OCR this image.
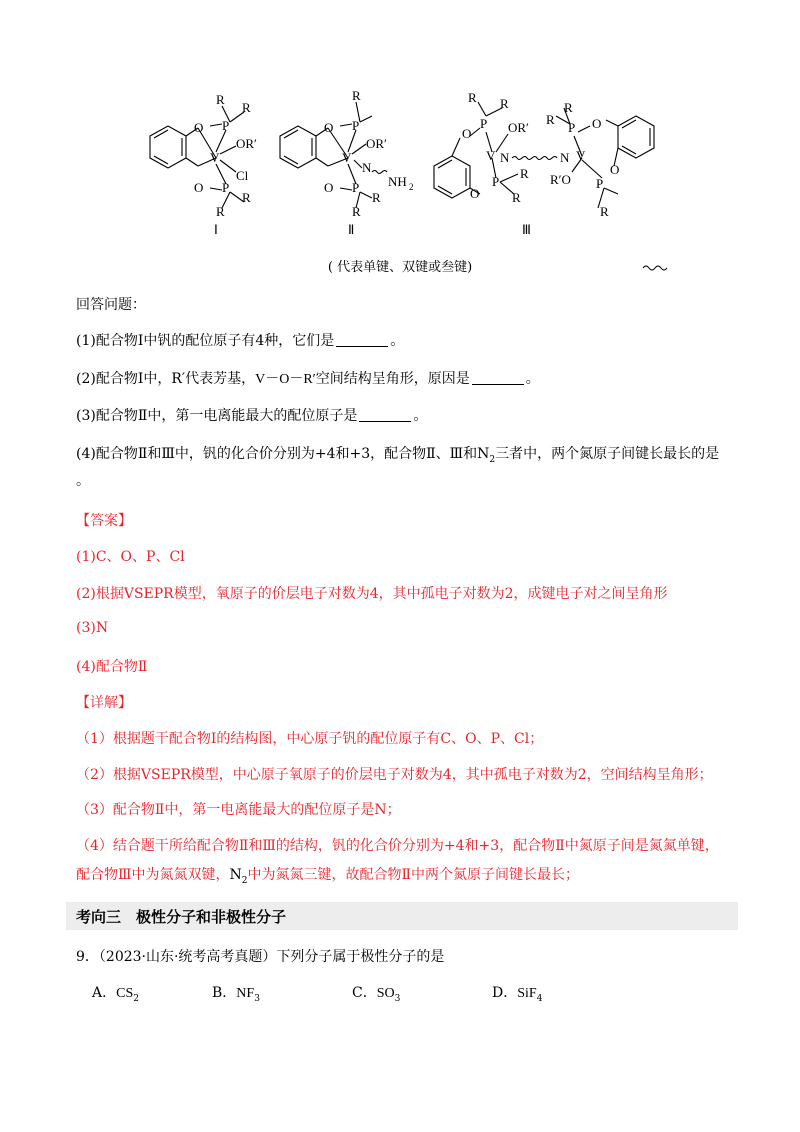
O P
R
R
V
OR′
Cl
O P
R
R
Ⅰ
O P
R
V
OR′
N
NH 2
O P
R
R
Ⅱ
R R
P
O	OR′
V N
O
P
R
R
Ⅲ
N V
R
R
P O
R′O P
O
R
( 代表单键、双键或叁键)
回答问题：
(1)配合物Ⅰ中钒的配位原子有4种，它们是	。
(2)配合物Ⅰ中，R′代表芳基，V－O－R′空间结构呈角形，原因是	。
(3)配合物Ⅱ中，第一电离能最大的配位原子是	。
(4)配合物Ⅱ和Ⅲ中，钒的化合价分别为+4和+3，配合物Ⅱ、Ⅲ和$N_2$三者中，两个氮原子间键长最长的是
。
【答案】
(1)C、O、P、Cl
(2)根据VSEPR模型，氧原子的价层电子对数为4，其中孤电子对数为2，成键电子对之间呈角形
(3)N
(4)配合物Ⅱ
【详解】
（1）根据题干配合物Ⅰ的结构图，中心原子钒的配位原子有C、O、P、Cl；
（2）根据VSEPR模型，中心原子氧原子的价层电子对数为4，其中孤电子对数为2，空间结构呈角形；
（3）配合物Ⅱ中，第一电离能最大的配位原子是N；
（4）结合题干所给配合物Ⅱ和Ⅲ的结构，钒的化合价分别为+4和+3，配合物Ⅱ中氮原子间是氮氮单键，
配合物Ⅲ中为氮氮双键，$N_2$中为氮氮三键，故配合物Ⅱ中两个氮原子间键长最长；
考向三　极性分子和非极性分子
9．（2023·山东·统考高考真题）下列分子属于极性分子的是
A．$CS_2$	B．$NF_3$	C．$SO_3$	D．SiF$_4$
